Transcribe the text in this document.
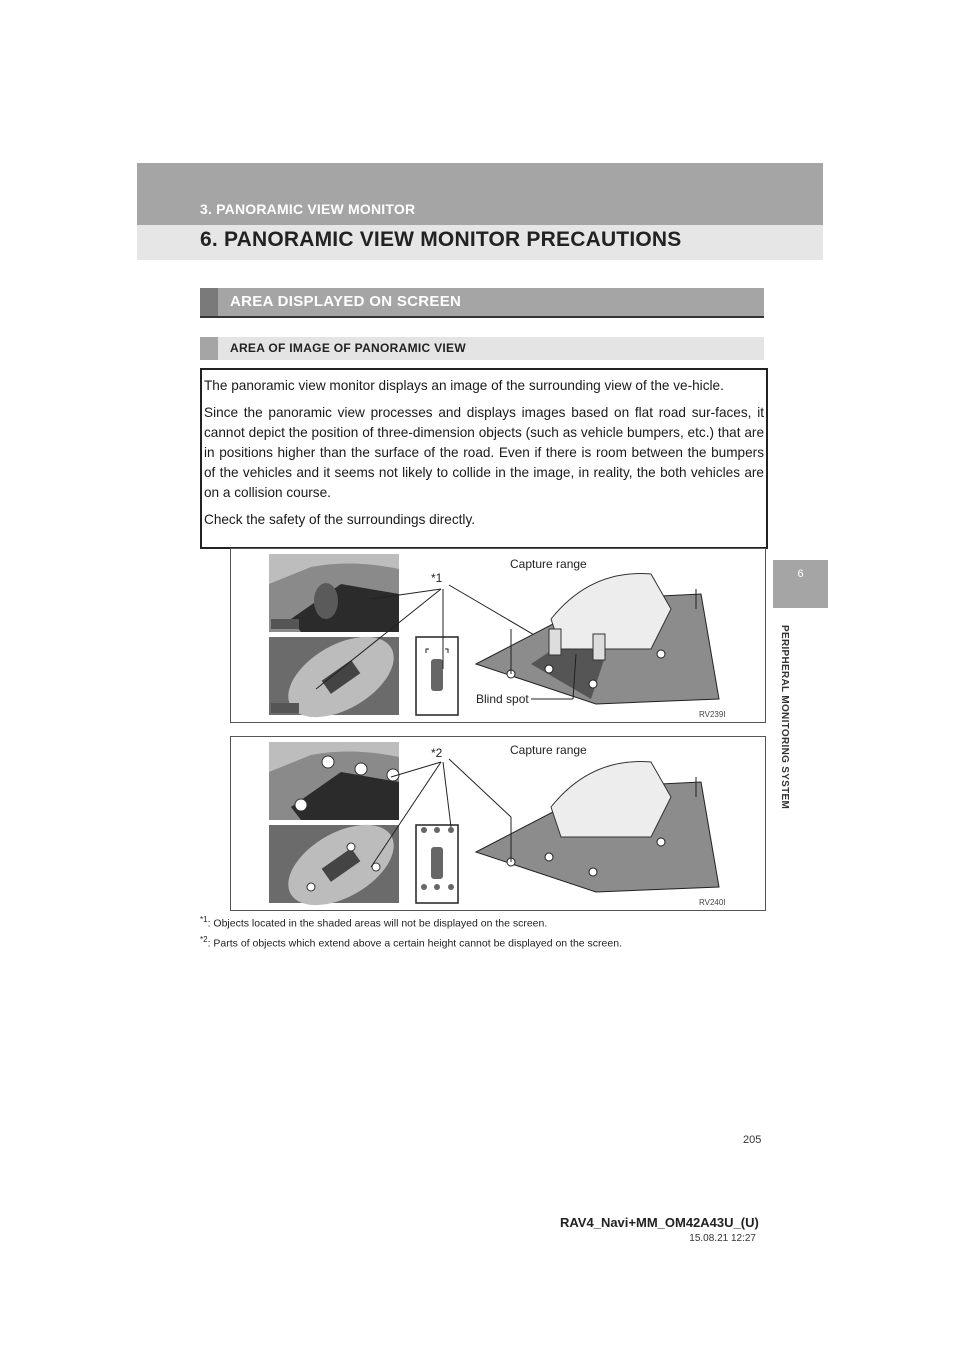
3. PANORAMIC VIEW MONITOR
6. PANORAMIC VIEW MONITOR PRECAUTIONS
6
PERIPHERAL MONITORING SYSTEM
AREA DISPLAYED ON SCREEN
AREA OF IMAGE OF PANORAMIC VIEW

The panoramic view monitor displays an image of the surrounding view of the ve-hicle.

Since the panoramic view processes and displays images based on flat road sur-faces, it cannot depict the position of three-dimension objects (such as vehicle bumpers, etc.) that are in positions higher than the surface of the road. Even if there is room between the bumpers of the vehicles and it seems not likely to collide in the image, in reality, the both vehicles are on a collision course.

Check the safety of the surroundings directly.

Capture range
*1
Blind spot
RV239I
Capture range
*2
RV240I
$^{*1}$: Objects located in the shaded areas will not be displayed on the screen.
$^{*2}$: Parts of objects which extend above a certain height cannot be displayed on the screen.
205
RAV4_Navi+MM_OM42A43U_(U)
15.08.21 12:27
